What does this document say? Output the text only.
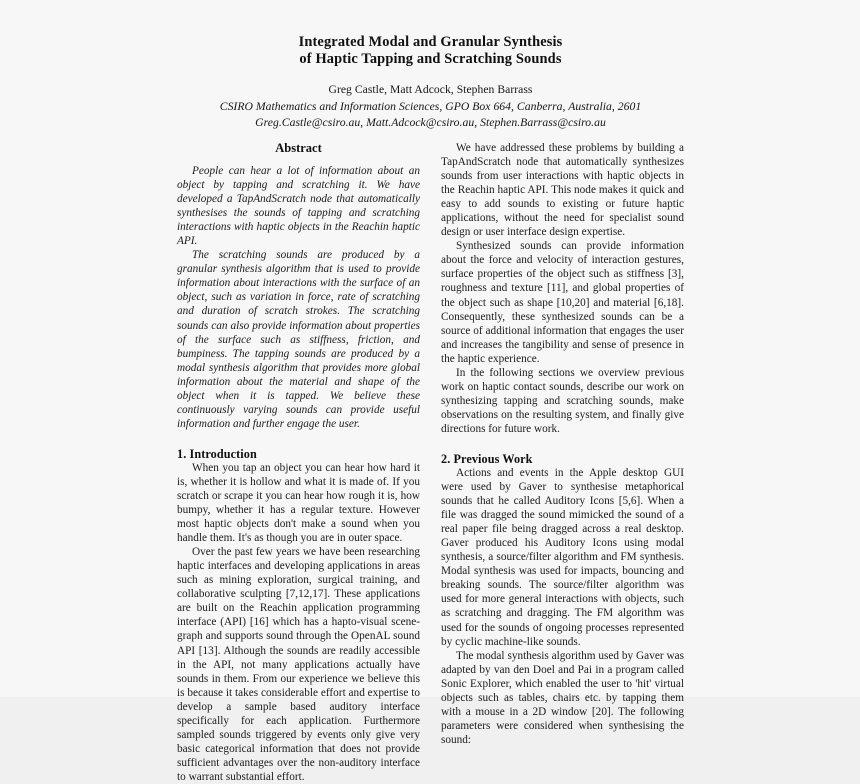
Integrated Modal and Granular Synthesis
of Haptic Tapping and Scratching Sounds
Greg Castle, Matt Adcock, Stephen Barrass
CSIRO Mathematics and Information Sciences, GPO Box 664, Canberra, Australia, 2601
Greg.Castle@csiro.au, Matt.Adcock@csiro.au, Stephen.Barrass@csiro.au
Abstract

People can hear a lot of information about an object by tapping and scratching it. We have developed a TapAndScratch node that automatically synthesises the sounds of tapping and scratching interactions with haptic objects in the Reachin haptic API.

The scratching sounds are produced by a granular synthesis algorithm that is used to provide information about interactions with the surface of an object, such as variation in force, rate of scratching and duration of scratch strokes. The scratching sounds can also provide information about properties of the surface such as stiffness, friction, and bumpiness. The tapping sounds are produced by a modal synthesis algorithm that provides more global information about the material and shape of the object when it is tapped. We believe these continuously varying sounds can provide useful information and further engage the user.

1. Introduction

When you tap an object you can hear how hard it is, whether it is hollow and what it is made of. If you scratch or scrape it you can hear how rough it is, how bumpy, whether it has a regular texture. However most haptic objects don't make a sound when you handle them. It's as though you are in outer space.

Over the past few years we have been researching haptic interfaces and developing applications in areas such as mining exploration, surgical training, and collaborative sculpting [7,12,17]. These applications are built on the Reachin application programming interface (API) [16] which has a hapto-visual scene-graph and supports sound through the OpenAL sound API [13]. Although the sounds are readily accessible in the API, not many applications actually have sounds in them. From our experience we believe this is because it takes considerable effort and expertise to develop a sample based auditory interface specifically for each application. Furthermore sampled sounds triggered by events only give very basic categorical information that does not provide sufficient advantages over the non-auditory interface to warrant substantial effort.

We have addressed these problems by building a TapAndScratch node that automatically synthesizes sounds from user interactions with haptic objects in the Reachin haptic API. This node makes it quick and easy to add sounds to existing or future haptic applications, without the need for specialist sound design or user interface design expertise.

Synthesized sounds can provide information about the force and velocity of interaction gestures, surface properties of the object such as stiffness [3], roughness and texture [11], and global properties of the object such as shape [10,20] and material [6,18]. Consequently, these synthesized sounds can be a source of additional information that engages the user and increases the tangibility and sense of presence in the haptic experience.

In the following sections we overview previous work on haptic contact sounds, describe our work on synthesizing tapping and scratching sounds, make observations on the resulting system, and finally give directions for future work.

2. Previous Work

Actions and events in the Apple desktop GUI were used by Gaver to synthesise metaphorical sounds that he called Auditory Icons [5,6]. When a file was dragged the sound mimicked the sound of a real paper file being dragged across a real desktop. Gaver produced his Auditory Icons using modal synthesis, a source/filter algorithm and FM synthesis. Modal synthesis was used for impacts, bouncing and breaking sounds. The source/filter algorithm was used for more general interactions with objects, such as scratching and dragging. The FM algorithm was used for the sounds of ongoing processes represented by cyclic machine-like sounds.

The modal synthesis algorithm used by Gaver was adapted by van den Doel and Pai in a program called Sonic Explorer, which enabled the user to 'hit' virtual objects such as tables, chairs etc. by tapping them with a mouse in a 2D window [20]. The following parameters were considered when synthesising the sound:
